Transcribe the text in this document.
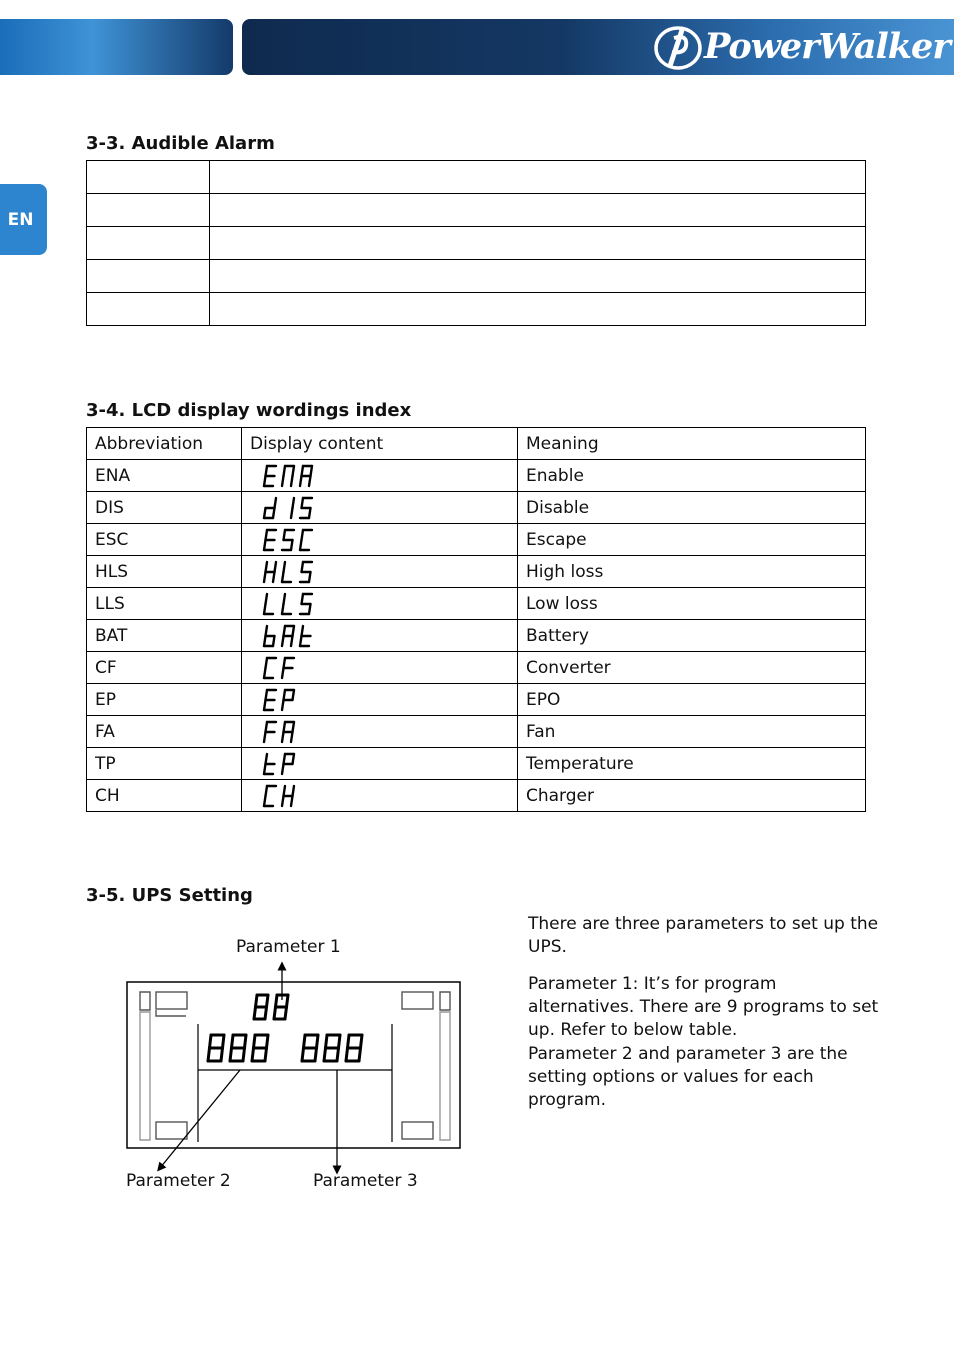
PowerWalker
EN
3-3. Audible Alarm

3-4. LCD display wordings index
Abbreviation	Display content	Meaning
ENA		Enable
DIS		Disable
ESC		Escape
HLS		High loss
LLS		Low loss
BAT		Battery
CF		Converter
EP		EPO
FA		Fan
TP		Temperature
CH		Charger
3-5. UPS Setting

There are three parameters to set up the UPS.

Parameter 1: It’s for program alternatives. There are 9 programs to set up. Refer to below table.

Parameter 2 and parameter 3 are the setting options or values for each program.

Parameter 1
Parameter 2	Parameter 3
